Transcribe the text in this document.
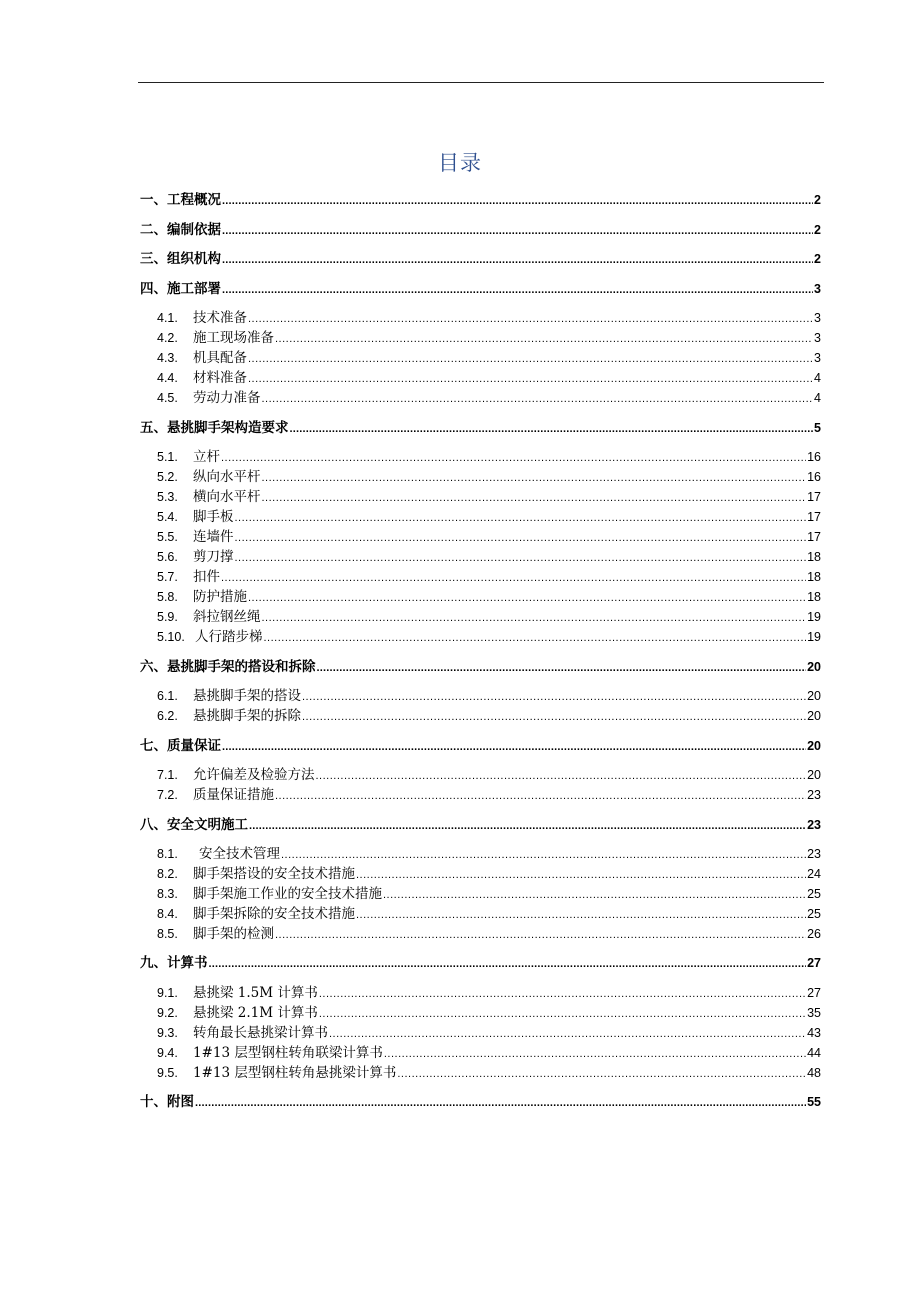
目录
一、 工程概况 .....	2
二、 编制依据 .....	2
三、 组织机构 .....	2
四、 施工部署 .....	3
4.1.	技术准备 .....	3
4.2.	施工现场准备 .....	3
4.3.	机具配备 .....	3
4.4.	材料准备 .....	4
4.5.	劳动力准备 .....	4
五、 悬挑脚手架构造要求 .....	5
5.1.	立杆 .....	16
5.2.	纵向水平杆 .....	16
5.3.	横向水平杆 .....	17
5.4.	脚手板 .....	17
5.5.	连墙件 .....	17
5.6.	剪刀撑 .....	18
5.7.	扣件 .....	18
5.8.	防护措施 .....	18
5.9.	斜拉钢丝绳 .....	19
5.10. 人行踏步梯 .....	19
六、 悬挑脚手架的搭设和拆除 .....	20
6.1.	悬挑脚手架的搭设 .....	20
6.2.	悬挑脚手架的拆除 .....	20
七、 质量保证 .....	20
7.1.	允许偏差及检验方法 .....	20
7.2.	质量保证措施 .....	23
八、 安全文明施工 .....	23
8.1.	安全技术管理 .....	23
8.2.	脚手架搭设的安全技术措施 .....	24
8.3.	脚手架施工作业的安全技术措施 .....	25
8.4.	脚手架拆除的安全技术措施 .....	25
8.5.	脚手架的检测 .....	26
九、 计算书 .....	27
9.1.	悬挑梁 1.5M 计算书 .....	27
9.2.	悬挑梁 2.1M 计算书 .....	35
9.3.	转角最长悬挑梁计算书 .....	43
9.4.	1#13 层型钢柱转角联梁计算书 .....	44
9.5.	1#13 层型钢柱转角悬挑梁计算书 .....	48
十、 附图 .....	55
